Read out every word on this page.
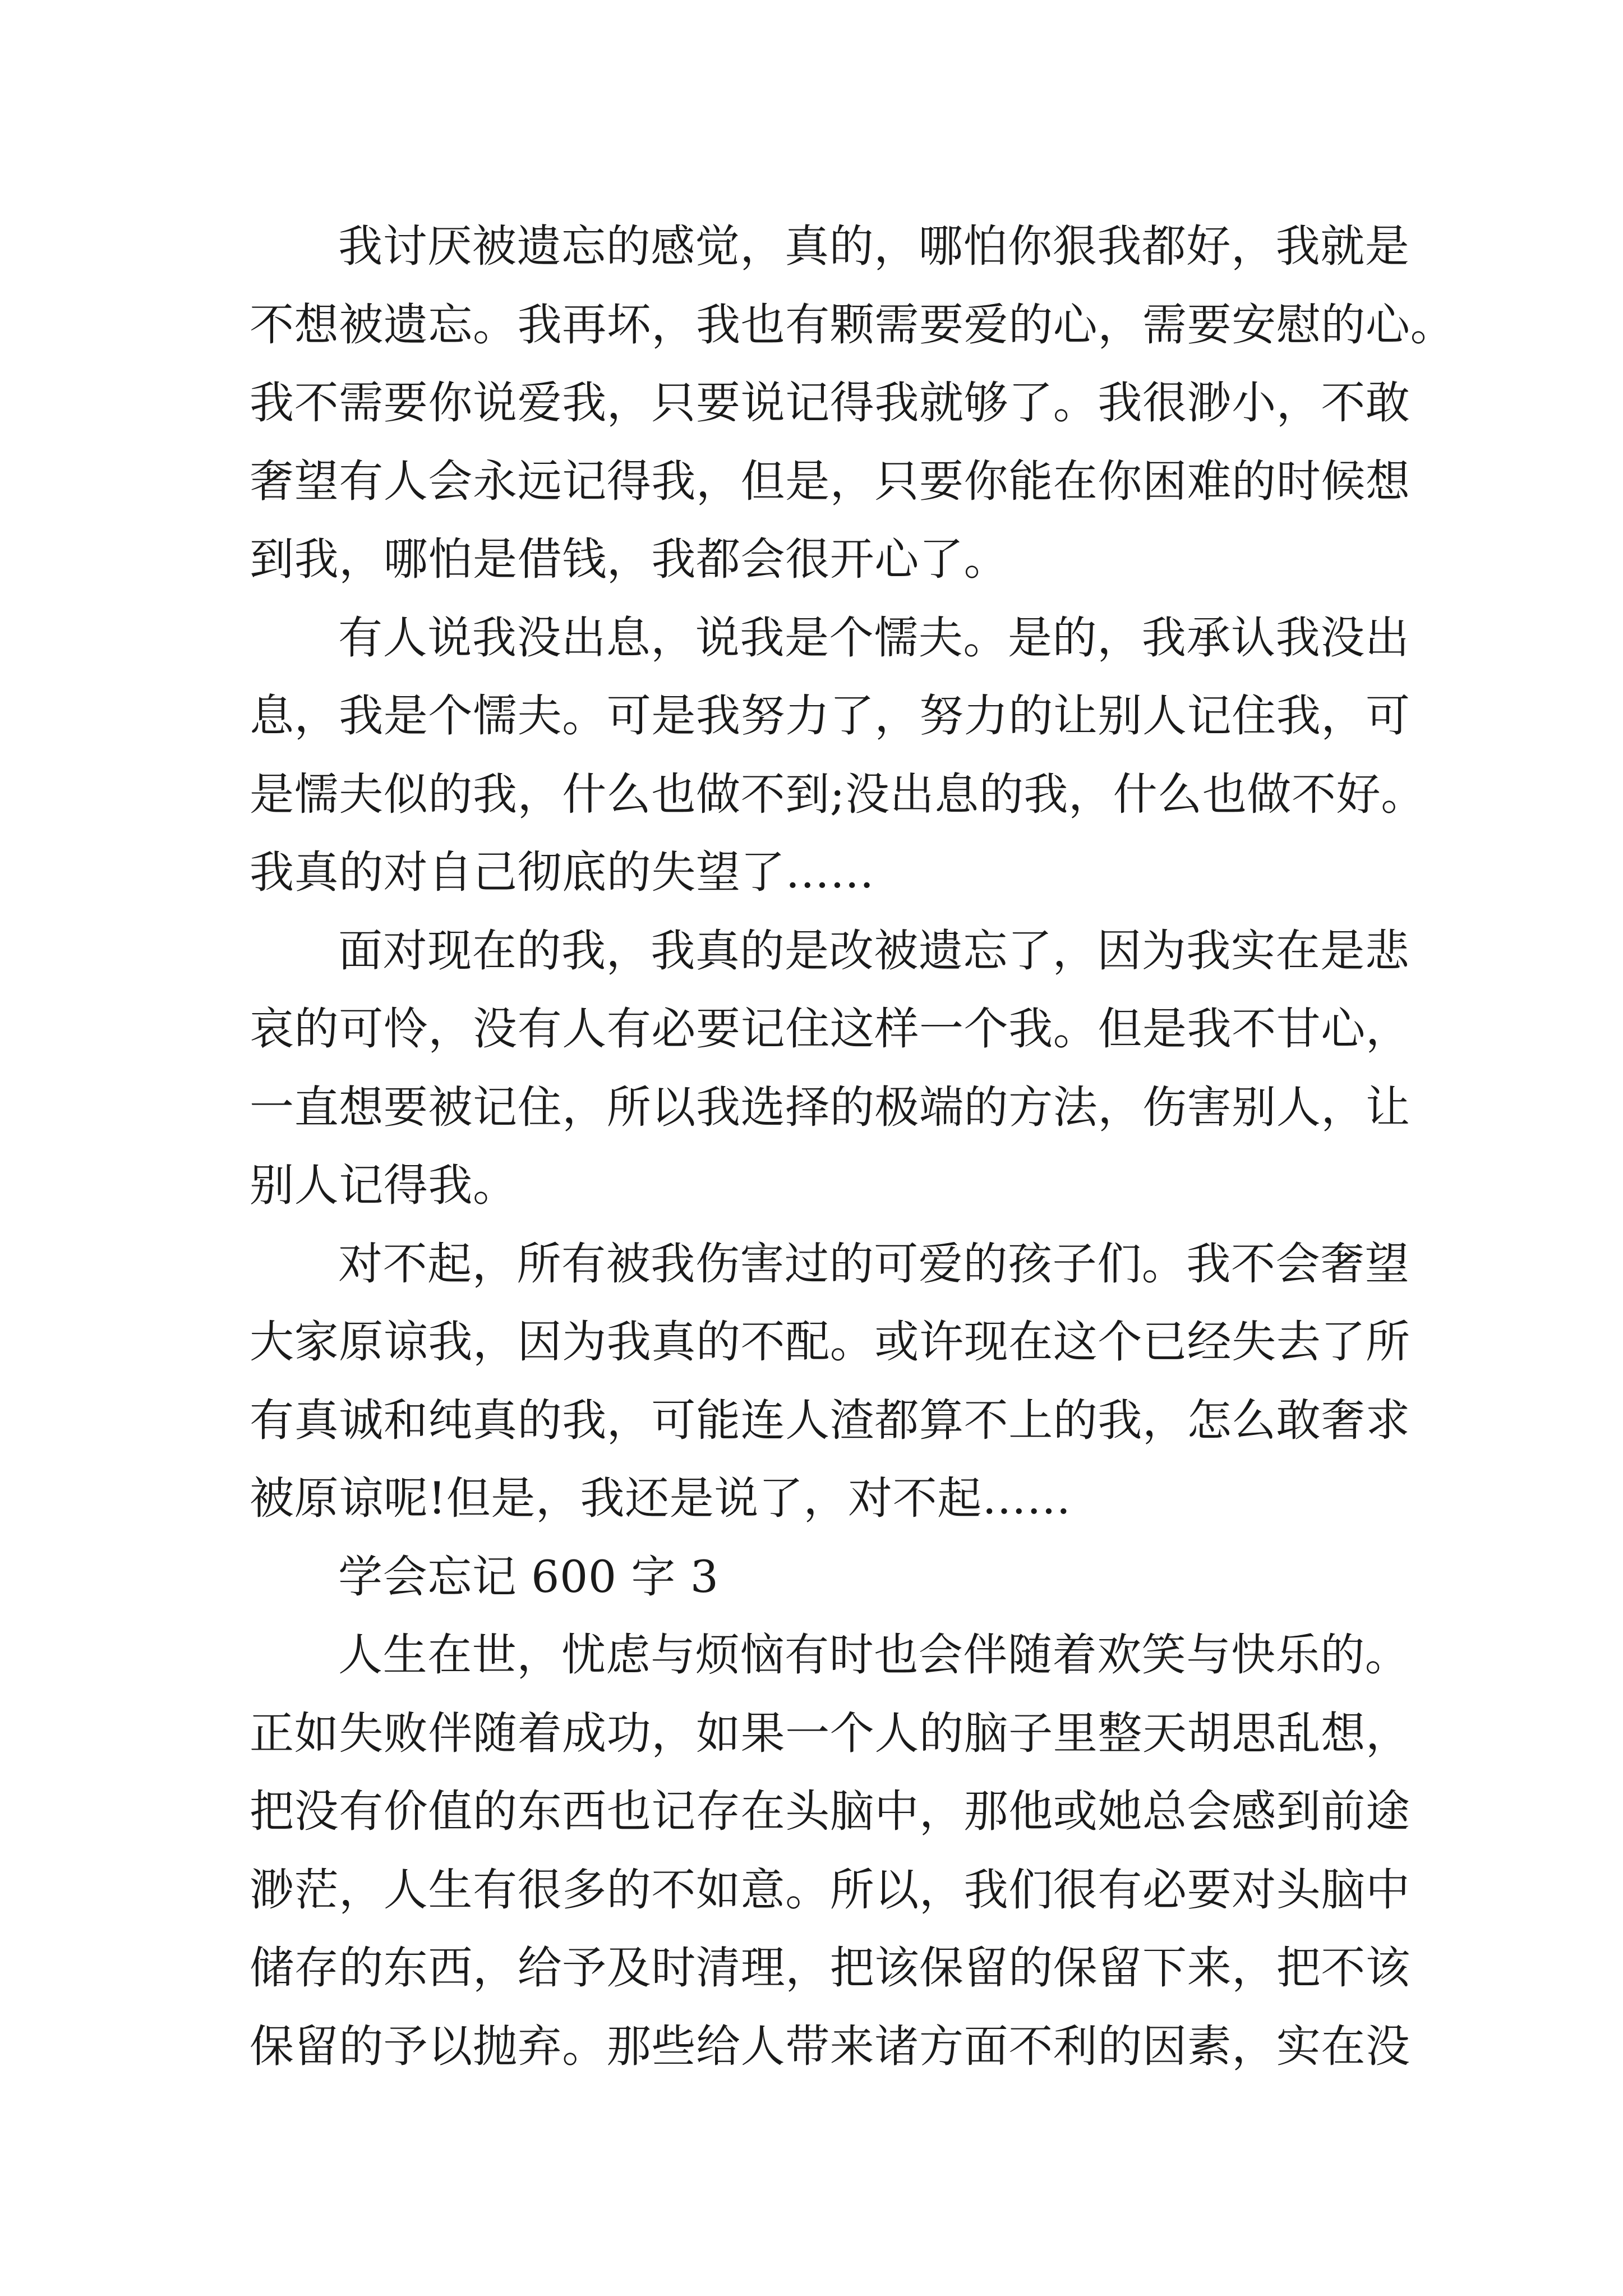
我讨厌被遗忘的感觉，真的，哪怕你狠我都好，我就是
不想被遗忘。我再坏，我也有颗需要爱的心，需要安慰的心。
我不需要你说爱我，只要说记得我就够了。我很渺小，不敢
奢望有人会永远记得我，但是，只要你能在你困难的时候想
到我，哪怕是借钱，我都会很开心了。
有人说我没出息，说我是个懦夫。是的，我承认我没出
息，我是个懦夫。可是我努力了，努力的让别人记住我，可
是懦夫似的我，什么也做不到;没出息的我，什么也做不好。
我真的对自己彻底的失望了……
面对现在的我，我真的是改被遗忘了，因为我实在是悲
哀的可怜，没有人有必要记住这样一个我。但是我不甘心，
一直想要被记住，所以我选择的极端的方法，伤害别人，让
别人记得我。
对不起，所有被我伤害过的可爱的孩子们。我不会奢望
大家原谅我，因为我真的不配。或许现在这个已经失去了所
有真诚和纯真的我，可能连人渣都算不上的我，怎么敢奢求
被原谅呢!但是，我还是说了，对不起……
学会忘记 600 字 3
人生在世，忧虑与烦恼有时也会伴随着欢笑与快乐的。
正如失败伴随着成功，如果一个人的脑子里整天胡思乱想，
把没有价值的东西也记存在头脑中，那他或她总会感到前途
渺茫，人生有很多的不如意。所以，我们很有必要对头脑中
储存的东西，给予及时清理，把该保留的保留下来，把不该
保留的予以抛弃。那些给人带来诸方面不利的因素，实在没
